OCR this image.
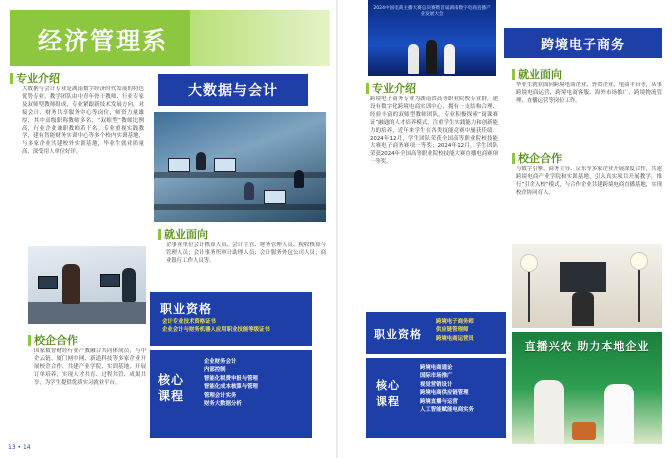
经济管理系
专业介绍
大数据与会计专业是湖南数字经济时代发展的特色优势专业，教学团队由中青年骨干教师、行业专家及双师型教师组成，专业紧跟新技术发展方向，对接会计、财务共享服务中心等岗位，师资力量雄厚，其中高级职称教师多名，“双师型”教师比例高，行业企业兼职教师若干名。专业重视实践教学，建有智能财务实训中心等多个校内实训基地，与多家企业共建校外实训基地，毕业生就业质量高，深受用人单位好评。
大数据与会计
就业面向
企事业单位会计核算人员、会计主管、财务管理人员、税收核算与管理人员；会计事务所审计助理人员；会计服务外包公司人员；商业银行工作人员等。
校企合作
国家数智财经行业产教融合共同体成员，与中企云链、厦门网中网、新道科技等多家企业开展校企合作，共建产业学院、实训基地，开展订单培养，实现人才共育、过程共管、成果共享，为学生提供优质实习就业平台。
职业资格
会计专业技术资格证书
企业会计与财务机器人应用职业技能等级证书
核心课程
企业财务会计
内部控制
智能化税费申报与管理
智能化成本核算与管理
管理会计实务
财务大数据分析
13 • 14
2024中国电商主播大赛总决赛暨首届湖南数字电商直播产业发展大会
跨境电子商务
专业介绍
跨境电子商务专业为湖南省高等职业院校专业群，建设有数字化跨境电商实训中心，拥有一支结构合理、经验丰富的双师型教师团队。专业积极探索“岗课赛证”融通的人才培养模式，注重学生实践能力和创新能力的培养，近年来学生在各类技能竞赛中屡获佳绩：2024年12月，学生团队荣获全国高等职业院校技能大赛电子商务赛项一等奖；2024年12月，学生团队荣获2024年全国高等职业院校技能大赛直播电商赛项一等奖。
就业面向
毕业生就业面向跨境电商企业、外贸企业、电商平台等，从事跨境电商运营、跨境电商客服、海外市场推广、跨境物流管理、直播运营等岗位工作。
校企合作
与数字引擎、商务主导、京东等多家企业开展深度合作，共建跨境电商产业学院和实训基地，引入真实项目开展教学，推行“引企入校”模式，与合作企业共建跨境电商直播基地，实现校企协同育人。
职业资格
跨境电子商务师
供应链管理师
跨境电商运营员
核心课程
跨境电商通论
国际市场推广
视觉营销设计
跨境电商供应链管理
跨境直播与运营
人工智能赋能电商实务
直播兴农 助力本地企业
